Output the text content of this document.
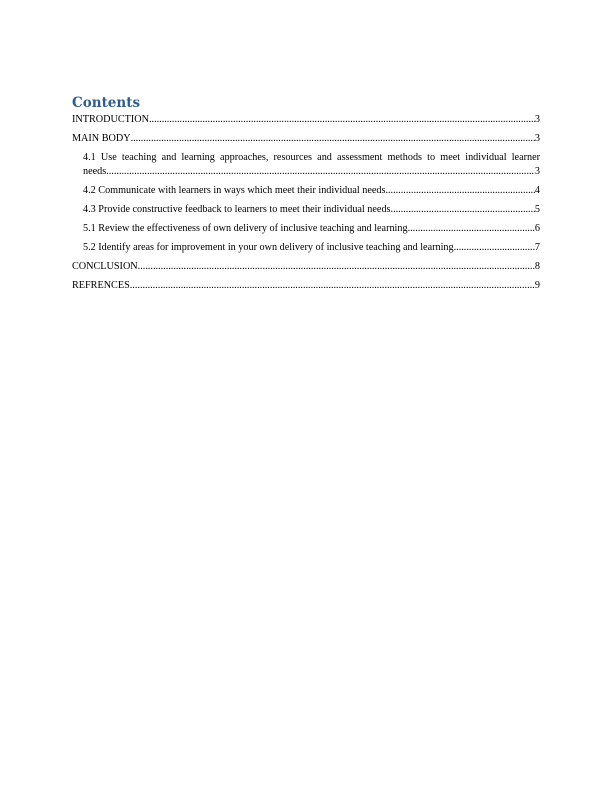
Contents
INTRODUCTION .....	3
MAIN BODY .....	3
4.1 Use teaching and learning approaches, resources and assessment methods to meet individual learner
needs .....	3
4.2 Communicate with learners in ways which meet their individual needs .....	4
4.3 Provide constructive feedback to learners to meet their individual needs .....	5
5.1 Review the effectiveness of own delivery of inclusive teaching and learning .....	6
5.2 Identify areas for improvement in your own delivery of inclusive teaching and learning .....	7
CONCLUSION .....	8
REFRENCES .....	9
